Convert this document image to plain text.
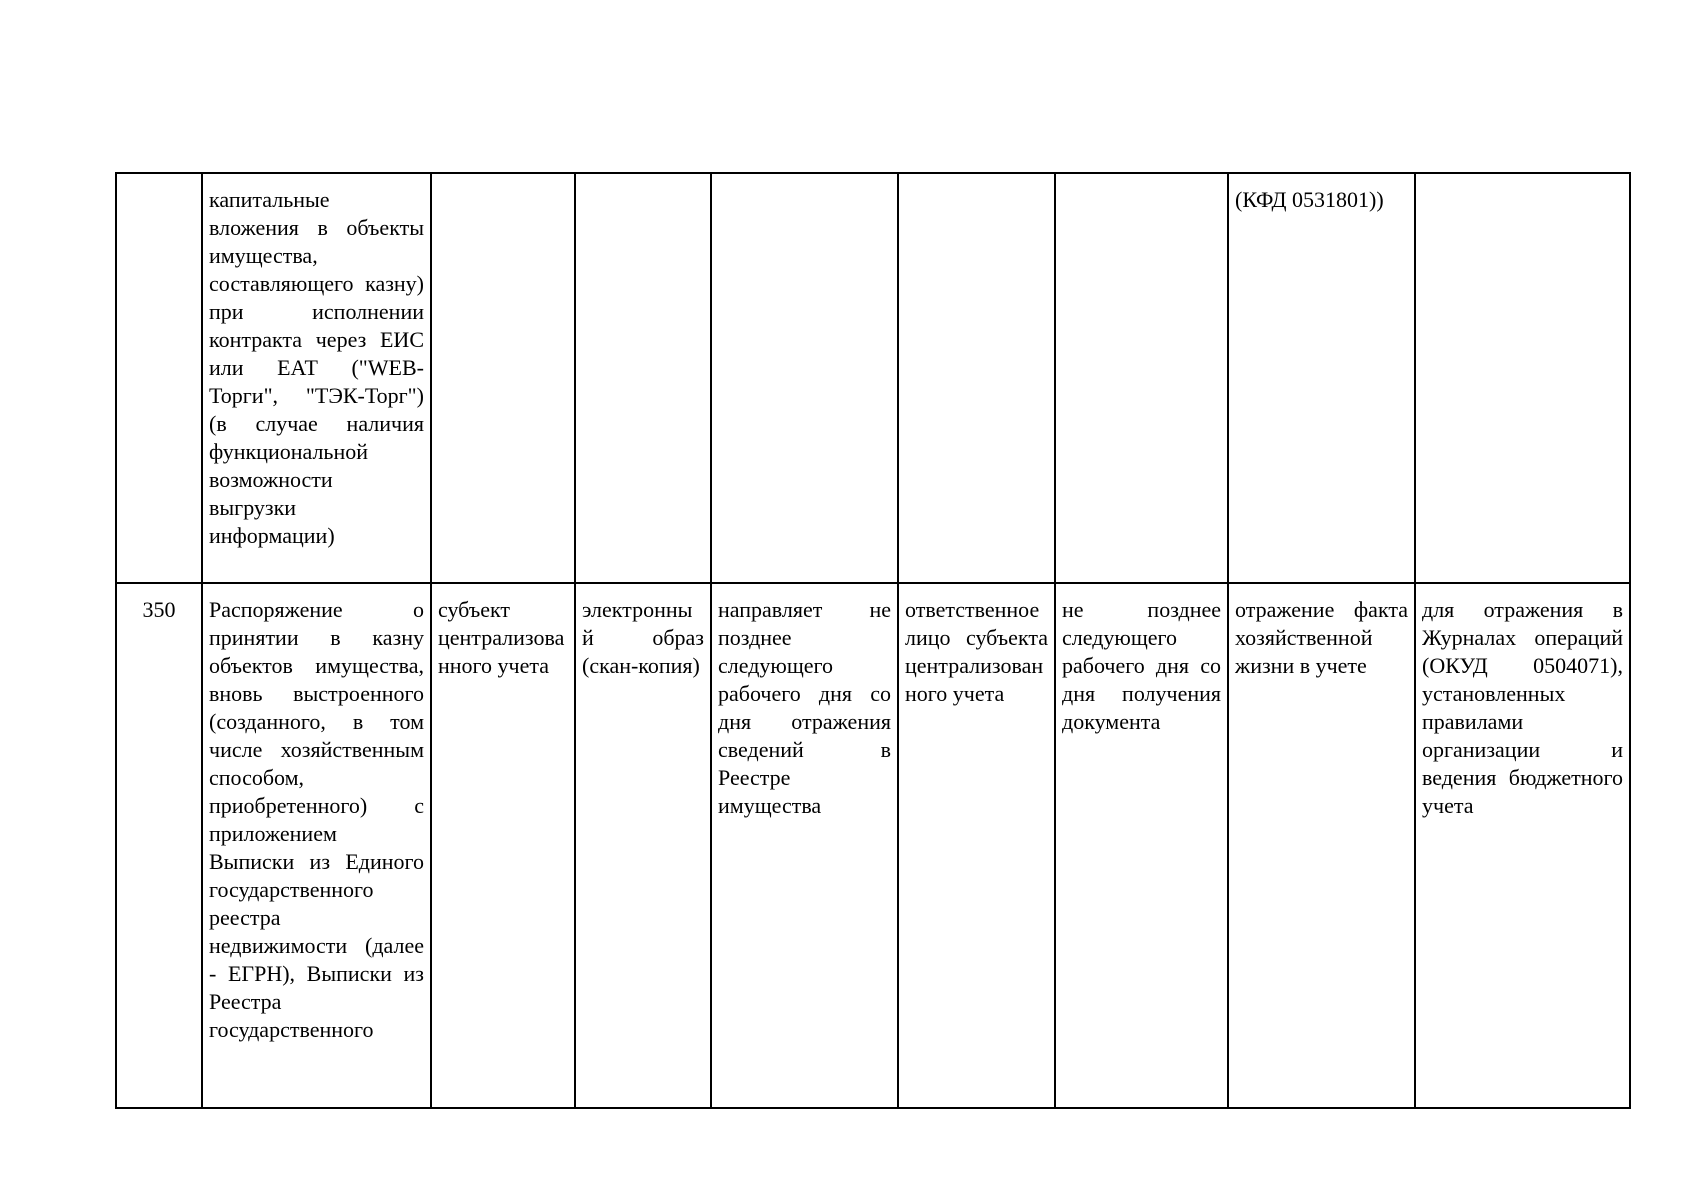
	капитальные вложения в объекты имущества, составляющего казну) при исполнении контракта через ЕИС или ЕАТ ("WEB-Торги", "ТЭК-Торг") (в случае наличия функциональной возможности выгрузки информации)						(КФД 0531801))	
350	Распоряжение о принятии в казну объектов имущества, вновь выстроенного (созданного, в том числе хозяйственным способом, приобретенного) с приложением Выписки из Единого государственного реестра недвижимости (далее - ЕГРН), Выписки из Реестра государственного	субъект централизованного учета	электронный образ (скан-копия)	направляет не позднее следующего рабочего дня со дня отражения сведений в Реестре имущества	ответственное лицо субъекта централизованного учета	не позднее следующего рабочего дня со дня получения документа	отражение факта хозяйственной жизни в учете	для отражения в Журналах операций (ОКУД 0504071), установленных правилами организации и ведения бюджетного учета
